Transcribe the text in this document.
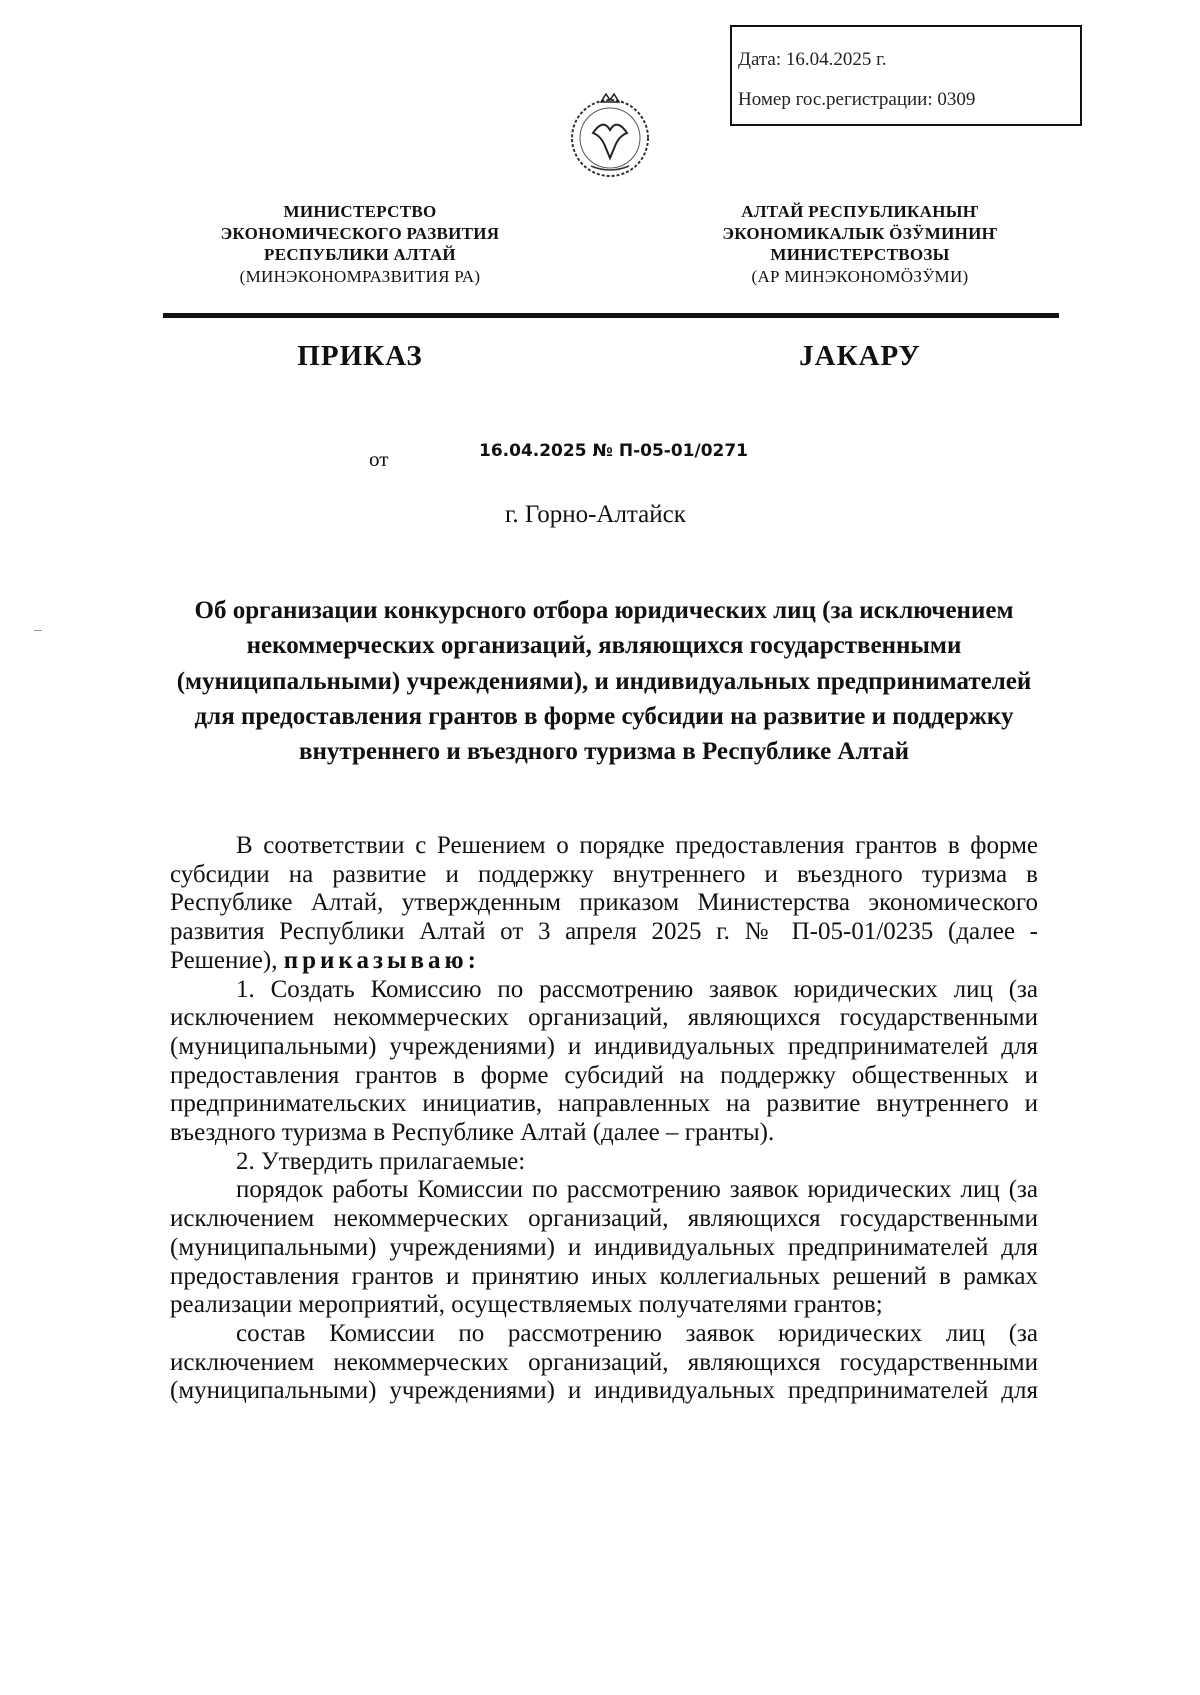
Дата: 16.04.2025 г.
Номер гос.регистрации: 0309
МИНИСТЕРСТВО
ЭКОНОМИЧЕСКОГО РАЗВИТИЯ
РЕСПУБЛИКИ АЛТАЙ
(МИНЭКОНОМРАЗВИТИЯ РА)
АЛТАЙ РЕСПУБЛИКАНЫҤ
ЭКОНОМИКАЛЫК ÖЗӰМИНИҤ
МИНИСТЕРСТВОЗЫ
(АР МИНЭКОНОМÖЗӰМИ)
ПРИКАЗ	JАКАРУ
от	16.04.2025 № П-05-01/0271
г. Горно-Алтайск
Об организации конкурсного отбора юридических лиц (за исключением
некоммерческих организаций, являющихся государственными
(муниципальными) учреждениями), и индивидуальных предпринимателей
для предоставления грантов в форме субсидии на развитие и поддержку
внутреннего и въездного туризма в Республике Алтай
В соответствии с Решением о порядке предоставления грантов в форме
субсидии на развитие и поддержку внутреннего и въездного туризма в
Республике Алтай, утвержденным приказом Министерства экономического
развития Республики Алтай от 3 апреля 2025 г. № П-05-01/0235 (далее -
Решение), приказываю:
1. Создать Комиссию по рассмотрению заявок юридических лиц (за
исключением некоммерческих организаций, являющихся государственными
(муниципальными) учреждениями) и индивидуальных предпринимателей для
предоставления грантов в форме субсидий на поддержку общественных и
предпринимательских инициатив, направленных на развитие внутреннего и
въездного туризма в Республике Алтай (далее – гранты).
2. Утвердить прилагаемые:
порядок работы Комиссии по рассмотрению заявок юридических лиц (за
исключением некоммерческих организаций, являющихся государственными
(муниципальными) учреждениями) и индивидуальных предпринимателей для
предоставления грантов и принятию иных коллегиальных решений в рамках
реализации мероприятий, осуществляемых получателями грантов;
состав Комиссии по рассмотрению заявок юридических лиц (за
исключением некоммерческих организаций, являющихся государственными
(муниципальными) учреждениями) и индивидуальных предпринимателей для
